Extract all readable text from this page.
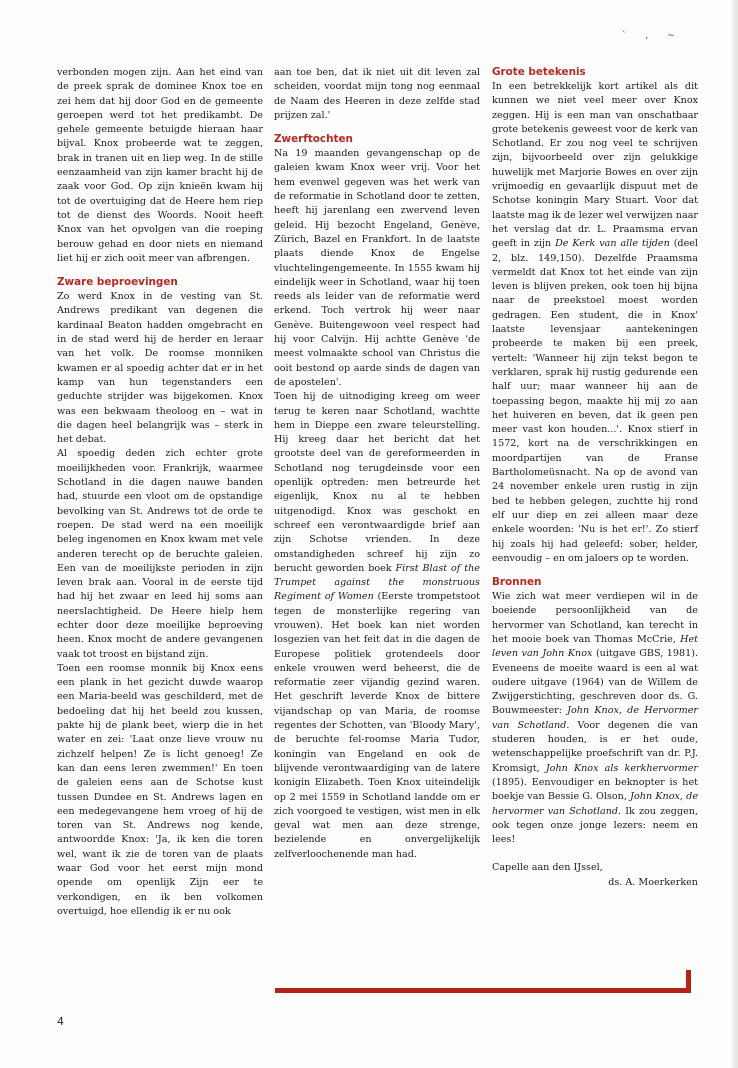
` , ~

verbonden mogen zijn. Aan het eind van de preek sprak de dominee Knox toe en zei hem dat hij door God en de gemeente geroepen werd tot het predikambt. De gehele gemeente betuigde hieraan haar bijval. Knox probeerde wat te zeggen, brak in tranen uit en liep weg. In de stille eenzaamheid van zijn kamer bracht hij de zaak voor God. Op zijn knieën kwam hij tot de overtuiging dat de Heere hem riep tot de dienst des Woords. Nooit heeft Knox van het opvolgen van die roeping berouw gehad en door niets en niemand liet hij er zich ooit meer van afbrengen.

Zware beproevingen

Zo werd Knox in de vesting van St. Andrews predikant van degenen die kardinaal Beaton hadden omgebracht en in de stad werd hij de herder en leraar van het volk. De roomse monniken kwamen er al spoedig achter dat er in het kamp van hun tegenstanders een geduchte strijder was bijgekomen. Knox was een bekwaam theoloog en – wat in die dagen heel belangrijk was – sterk in het debat.

Al spoedig deden zich echter grote moeilijkheden voor. Frankrijk, waarmee Schotland in die dagen nauwe banden had, stuurde een vloot om de opstandige bevolking van St. Andrews tot de orde te roepen. De stad werd na een moeilijk beleg ingenomen en Knox kwam met vele anderen terecht op de beruchte galeien. Een van de moeilijkste perioden in zijn leven brak aan. Vooral in de eerste tijd had hij het zwaar en leed hij soms aan neerslachtigheid. De Heere hielp hem echter door deze moeilijke beproeving heen. Knox mocht de andere gevangenen vaak tot troost en bijstand zijn.

Toen een roomse monnik bij Knox eens een plank in het gezicht duwde waarop een Maria-beeld was geschilderd, met de bedoeling dat hij het beeld zou kussen, pakte hij de plank beet, wierp die in het water en zei: 'Laat onze lieve vrouw nu zichzelf helpen! Ze is licht genoeg! Ze kan dan eens leren zwemmen!' En toen de galeien eens aan de Schotse kust tussen Dundee en St. Andrews lagen en een medegevangene hem vroeg of hij de toren van St. Andrews nog kende, antwoordde Knox: 'Ja, ik ken die toren wel, want ik zie de toren van de plaats waar God voor het eerst mijn mond opende om openlijk Zijn eer te verkondigen, en ik ben volkomen overtuigd, hoe ellendig ik er nu ook

aan toe ben, dat ik niet uit dit leven zal scheiden, voordat mijn tong nog eenmaal de Naam des Heeren in deze zelfde stad prijzen zal.'

Zwerftochten

Na 19 maanden gevangenschap op de galeien kwam Knox weer vrij. Voor het hem evenwel gegeven was het werk van de reformatie in Schotland door te zetten, heeft hij jarenlang een zwervend leven geleid. Hij bezocht Engeland, Genève, Zürich, Bazel en Frankfort. In de laatste plaats diende Knox de Engelse vluchtelingengemeente. In 1555 kwam hij eindelijk weer in Schotland, waar hij toen reeds als leider van de reformatie werd erkend. Toch vertrok hij weer naar Genève. Buitengewoon veel respect had hij voor Calvijn. Hij achtte Genève 'de meest volmaakte school van Christus die ooit bestond op aarde sinds de dagen van de apostelen'.

Toen hij de uitnodiging kreeg om weer terug te keren naar Schotland, wachtte hem in Dieppe een zware teleurstelling. Hij kreeg daar het bericht dat het grootste deel van de gereformeerden in Schotland nog terugdeinsde voor een openlijk optreden: men betreurde het eigenlijk, Knox nu al te hebben uitgenodigd. Knox was geschokt en schreef een verontwaardigde brief aan zijn Schotse vrienden. In deze omstandigheden schreef hij zijn zo berucht geworden boek First Blast of the Trumpet against the monstruous Regiment of Women (Eerste trompetstoot tegen de monsterlijke regering van vrouwen). Het boek kan niet worden losgezien van het feit dat in die dagen de Europese politiek grotendeels door enkele vrouwen werd beheerst, die de reformatie zeer vijandig gezind waren. Het geschrift leverde Knox de bittere vijandschap op van Maria, de roomse regentes der Schotten, van 'Bloody Mary', de beruchte fel-roomse Maria Tudor, koningin van Engeland en ook de blijvende verontwaardiging van de latere konigin Elizabeth. Toen Knox uiteindelijk op 2 mei 1559 in Schotland landde om er zich voorgoed te vestigen, wist men in elk geval wat men aan deze strenge, bezielende en onvergelijkelijk zelfverloochenende man had.

Grote betekenis

In een betrekkelijk kort artikel als dit kunnen we niet veel meer over Knox zeggen. Hij is een man van onschatbaar grote betekenis geweest voor de kerk van Schotland. Er zou nog veel te schrijven zijn, bijvoorbeeld over zijn gelukkige huwelijk met Marjorie Bowes en over zijn vrijmoedig en gevaarlijk dispuut met de Schotse koningin Mary Stuart. Voor dat laatste mag ik de lezer wel verwijzen naar het verslag dat dr. L. Praamsma ervan geeft in zijn De Kerk van alle tijden (deel 2, blz. 149,150). Dezelfde Praamsma vermeldt dat Knox tot het einde van zijn leven is blijven preken, ook toen hij bijna naar de preekstoel moest worden gedragen. Een student, die in Knox' laatste levensjaar aantekeningen probeerde te maken bij een preek, vertelt: 'Wanneer hij zijn tekst begon te verklaren, sprak hij rustig gedurende een half uur; maar wanneer hij aan de toepassing begon, maakte hij mij zo aan het huiveren en beven, dat ik geen pen meer vast kon houden...'. Knox stierf in 1572, kort na de verschrikkingen en moordpartijen van de Franse Bartholomeüsnacht. Na op de avond van 24 november enkele uren rustig in zijn bed te hebben gelegen, zuchtte hij rond elf uur diep en zei alleen maar deze enkele woorden: 'Nu is het er!'. Zo stierf hij zoals hij had geleefd: sober, helder, eenvoudig – en om jaloers op te worden.

Bronnen

Wie zich wat meer verdiepen wil in de boeiende persoonlijkheid van de hervormer van Schotland, kan terecht in het mooie boek van Thomas McCrie, Het leven van John Knox (uitgave GBS, 1981). Eveneens de moeite waard is een al wat oudere uitgave (1964) van de Willem de Zwijgerstichting, geschreven door ds. G. Bouwmeester: John Knox, de Hervormer van Schotland. Voor degenen die van studeren houden, is er het oude, wetenschappelijke proefschrift van dr. P.J. Kromsigt, John Knox als kerkhervormer (1895). Eenvoudiger en beknopter is het boekje van Bessie G. Olson, John Knox, de hervormer van Schotland. Ik zou zeggen, ook tegen onze jonge lezers: neem en lees!

Capelle aan den IJssel,

ds. A. Moerkerken

4
